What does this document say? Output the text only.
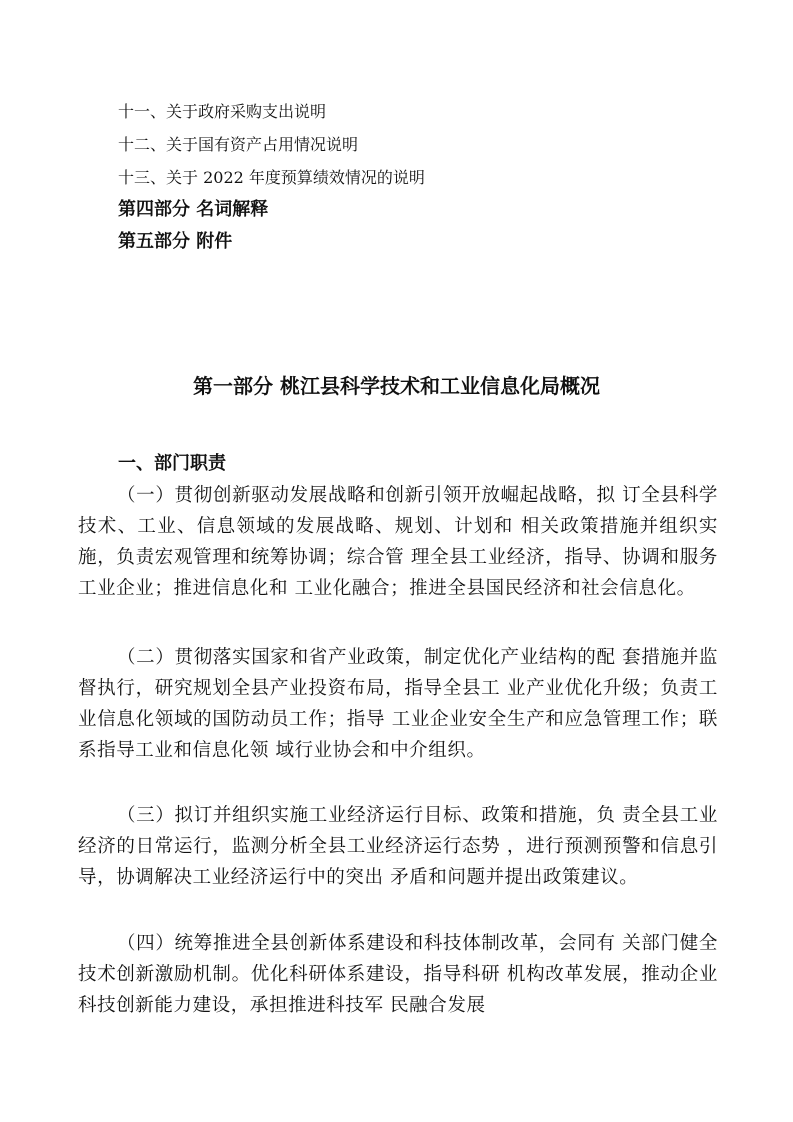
十一、关于政府采购支出说明
十二、关于国有资产占用情况说明
十三、关于 2022 年度预算绩效情况的说明
第四部分 名词解释
第五部分 附件
第一部分 桃江县科学技术和工业信息化局概况
一、部门职责

（一）贯彻创新驱动发展战略和创新引领开放崛起战略，拟 订全县科学技术、工业、信息领域的发展战略、规划、计划和 相关政策措施并组织实施，负责宏观管理和统筹协调；综合管 理全县工业经济，指导、协调和服务工业企业；推进信息化和 工业化融合；推进全县国民经济和社会信息化。

（二）贯彻落实国家和省产业政策，制定优化产业结构的配 套措施并监督执行，研究规划全县产业投资布局，指导全县工 业产业优化升级；负责工业信息化领域的国防动员工作；指导 工业企业安全生产和应急管理工作；联系指导工业和信息化领 域行业协会和中介组织。

（三）拟订并组织实施工业经济运行目标、政策和措施，负 责全县工业经济的日常运行，监测分析全县工业经济运行态势 ，进行预测预警和信息引导，协调解决工业经济运行中的突出 矛盾和问题并提出政策建议。

（四）统筹推进全县创新体系建设和科技体制改革，会同有 关部门健全技术创新激励机制。优化科研体系建设，指导科研 机构改革发展，推动企业科技创新能力建设，承担推进科技军 民融合发展
